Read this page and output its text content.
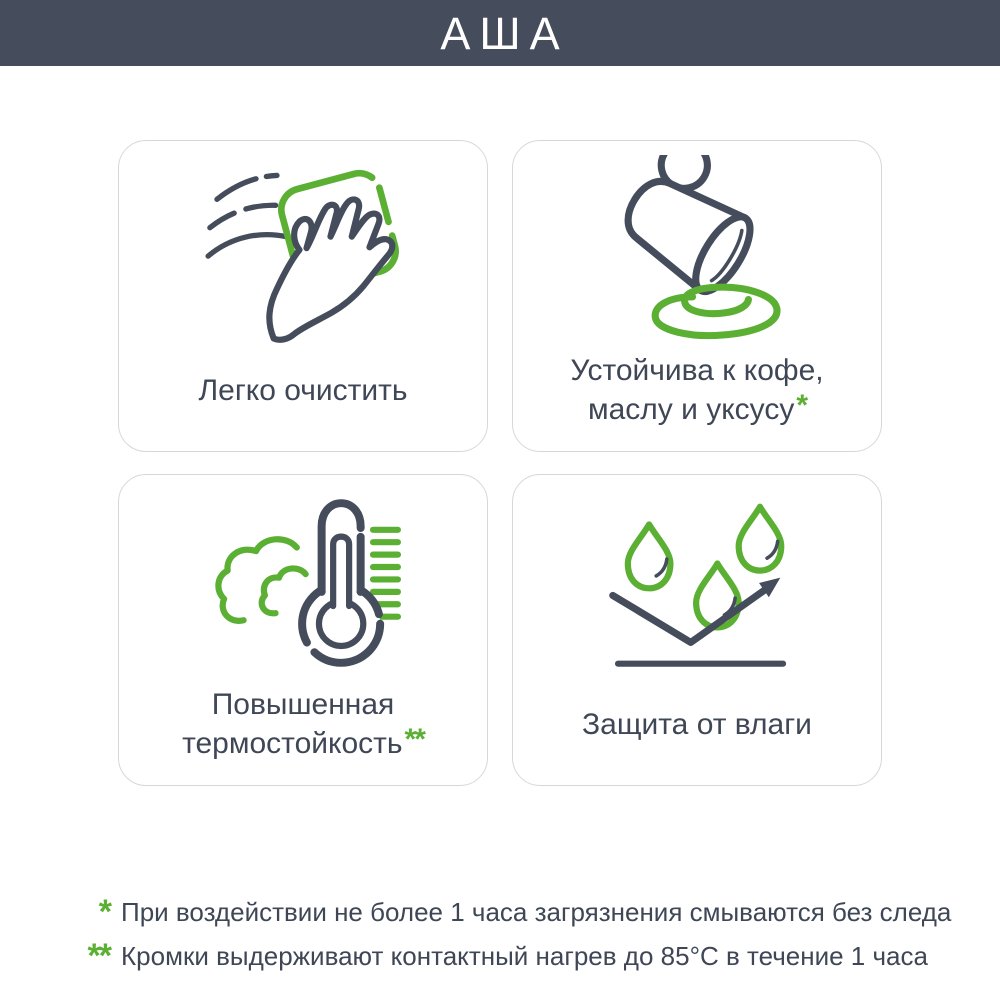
АША
Легко очистить
Устойчива к кофе,
маслу и уксусу*
Повышенная
термостойкость**	Защита от влаги
* При воздействии не более 1 часа загрязнения смываются без следа
** Кромки выдерживают контактный нагрев до 85°С в течение 1 часа
